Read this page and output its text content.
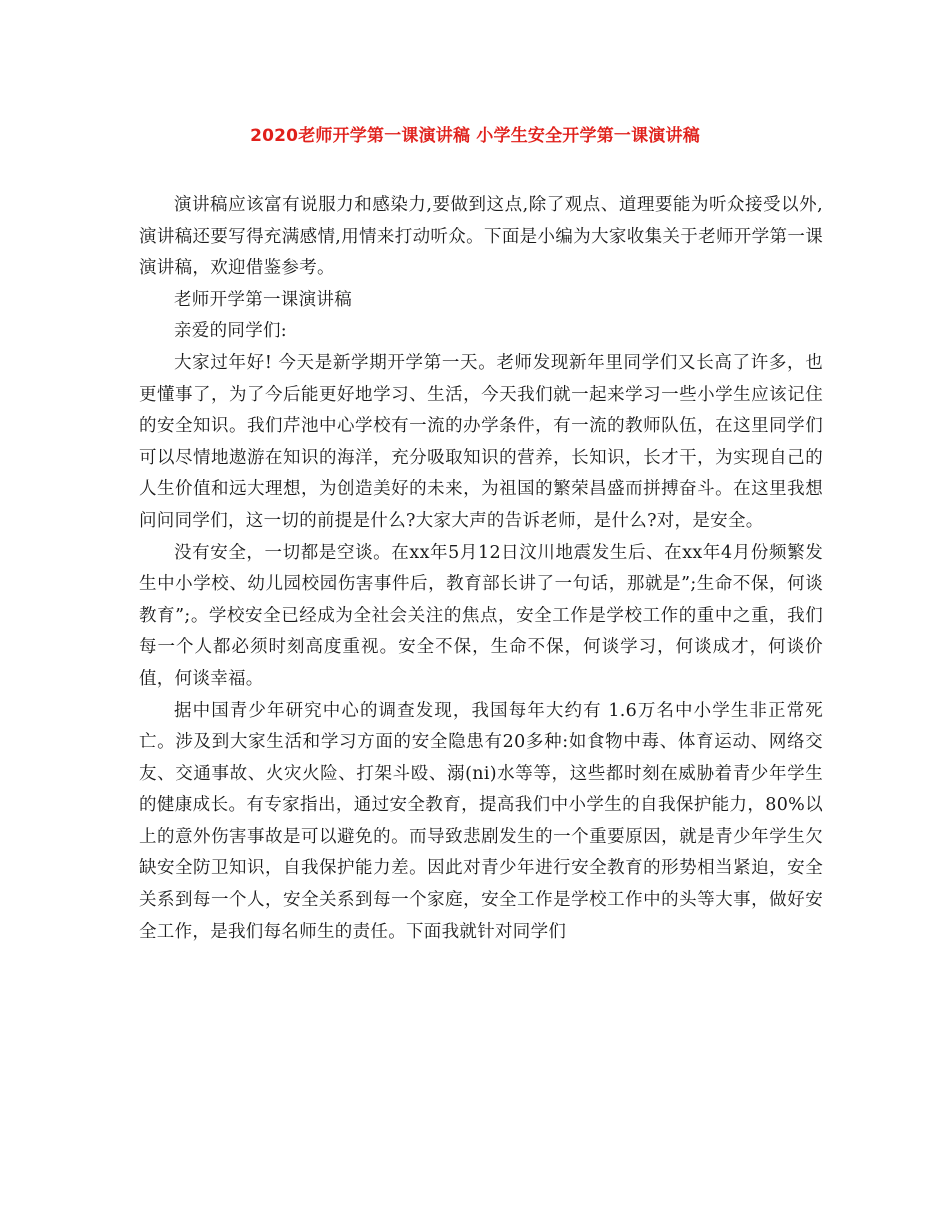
2020老师开学第一课演讲稿 小学生安全开学第一课演讲稿

演讲稿应该富有说服力和感染力,要做到这点,除了观点、道理要能为听众接受以外,演讲稿还要写得充满感情,用情来打动听众。下面是小编为大家收集关于老师开学第一课演讲稿，欢迎借鉴参考。

老师开学第一课演讲稿

亲爱的同学们:

大家过年好! 今天是新学期开学第一天。老师发现新年里同学们又长高了许多，也更懂事了，为了今后能更好地学习、生活，今天我们就一起来学习一些小学生应该记住的安全知识。我们芹池中心学校有一流的办学条件，有一流的教师队伍，在这里同学们可以尽情地遨游在知识的海洋，充分吸取知识的营养，长知识，长才干，为实现自己的人生价值和远大理想，为创造美好的未来，为祖国的繁荣昌盛而拼搏奋斗。在这里我想问问同学们，这一切的前提是什么?大家大声的告诉老师，是什么?对，是安全。

没有安全，一切都是空谈。在xx年5月12日汶川地震发生后、在xx年4月份频繁发生中小学校、幼儿园校园伤害事件后，教育部长讲了一句话，那就是”;生命不保，何谈教育”;。学校安全已经成为全社会关注的焦点，安全工作是学校工作的重中之重，我们每一个人都必须时刻高度重视。安全不保，生命不保，何谈学习，何谈成才，何谈价值，何谈幸福。

据中国青少年研究中心的调查发现，我国每年大约有 1.6万名中小学生非正常死亡。涉及到大家生活和学习方面的安全隐患有20多种:如食物中毒、体育运动、网络交友、交通事故、火灾火险、打架斗殴、溺(ni)水等等，这些都时刻在威胁着青少年学生的健康成长。有专家指出，通过安全教育，提高我们中小学生的自我保护能力，80%以上的意外伤害事故是可以避免的。而导致悲剧发生的一个重要原因，就是青少年学生欠缺安全防卫知识，自我保护能力差。因此对青少年进行安全教育的形势相当紧迫，安全关系到每一个人，安全关系到每一个家庭，安全工作是学校工作中的头等大事，做好安全工作，是我们每名师生的责任。下面我就针对同学们
